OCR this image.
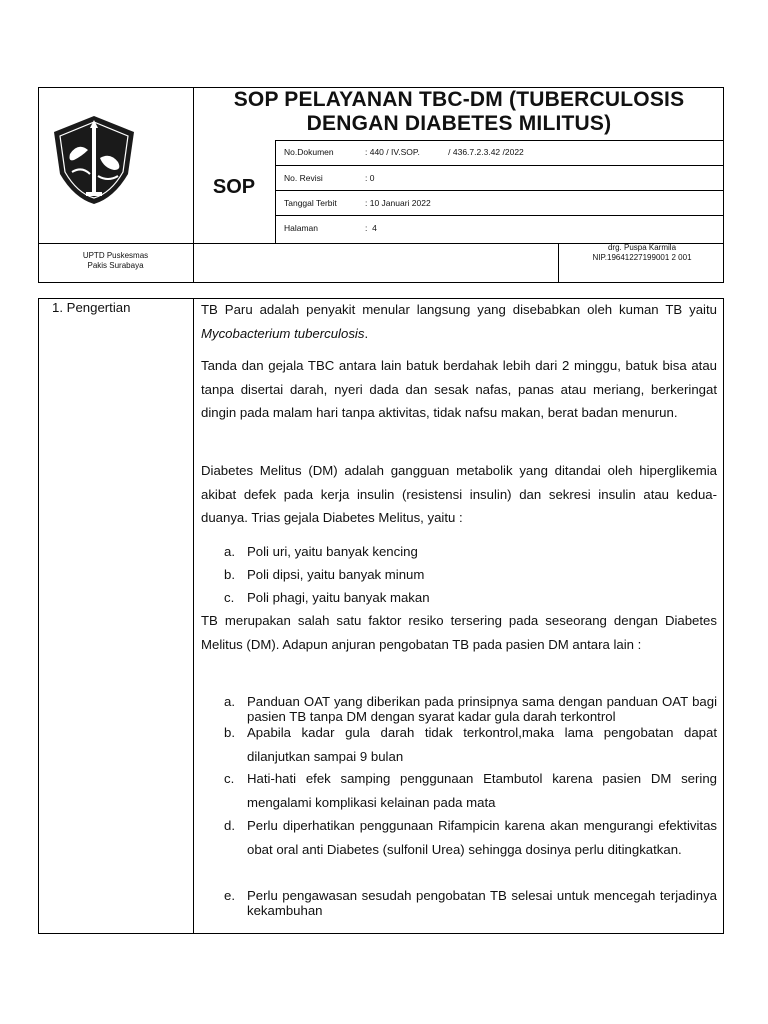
SOP PELAYANAN TBC-DM (TUBERCULOSIS
DENGAN DIABETES MILITUS)
SOP
No.Dokumen	: 440 / IV.SOP.            / 436.7.2.3.42 /2022
No. Revisi	: 0
Tanggal Terbit	: 10 Januari 2022
Halaman	:  4
UPTD Puskesmas
Pakis Surabaya
drg. Puspa Karmila
NIP.19641227199001 2 001
1. Pengertian	TB Paru adalah penyakit menular langsung yang disebabkan oleh kuman TB yaitu Mycobacterium tuberculosis.
Tanda dan gejala TBC antara lain batuk berdahak lebih dari 2 minggu, batuk bisa atau tanpa disertai darah, nyeri dada dan sesak nafas, panas atau meriang, berkeringat dingin pada malam hari tanpa aktivitas, tidak nafsu makan, berat badan menurun.
Diabetes Melitus (DM) adalah gangguan metabolik yang ditandai oleh hiperglikemia akibat defek pada kerja insulin (resistensi insulin) dan sekresi insulin atau kedua-duanya. Trias gejala Diabetes Melitus, yaitu :
a. Poli uri, yaitu banyak kencing
b. Poli dipsi, yaitu banyak minum
c. Poli phagi, yaitu banyak makan
TB merupakan salah satu faktor resiko tersering pada seseorang dengan Diabetes Melitus (DM). Adapun anjuran pengobatan TB pada pasien DM antara lain :
a. Panduan OAT yang diberikan pada prinsipnya sama dengan panduan OAT bagi pasien TB tanpa DM dengan syarat kadar gula darah terkontrol
b. Apabila kadar gula darah tidak terkontrol,maka lama pengobatan dapat dilanjutkan sampai 9 bulan
c. Hati-hati efek samping penggunaan Etambutol karena pasien DM sering mengalami komplikasi kelainan pada mata
d. Perlu diperhatikan penggunaan Rifampicin karena akan mengurangi efektivitas obat oral anti Diabetes (sulfonil Urea) sehingga dosinya perlu ditingkatkan.
e. Perlu pengawasan sesudah pengobatan TB selesai untuk mencegah terjadinya kekambuhan
